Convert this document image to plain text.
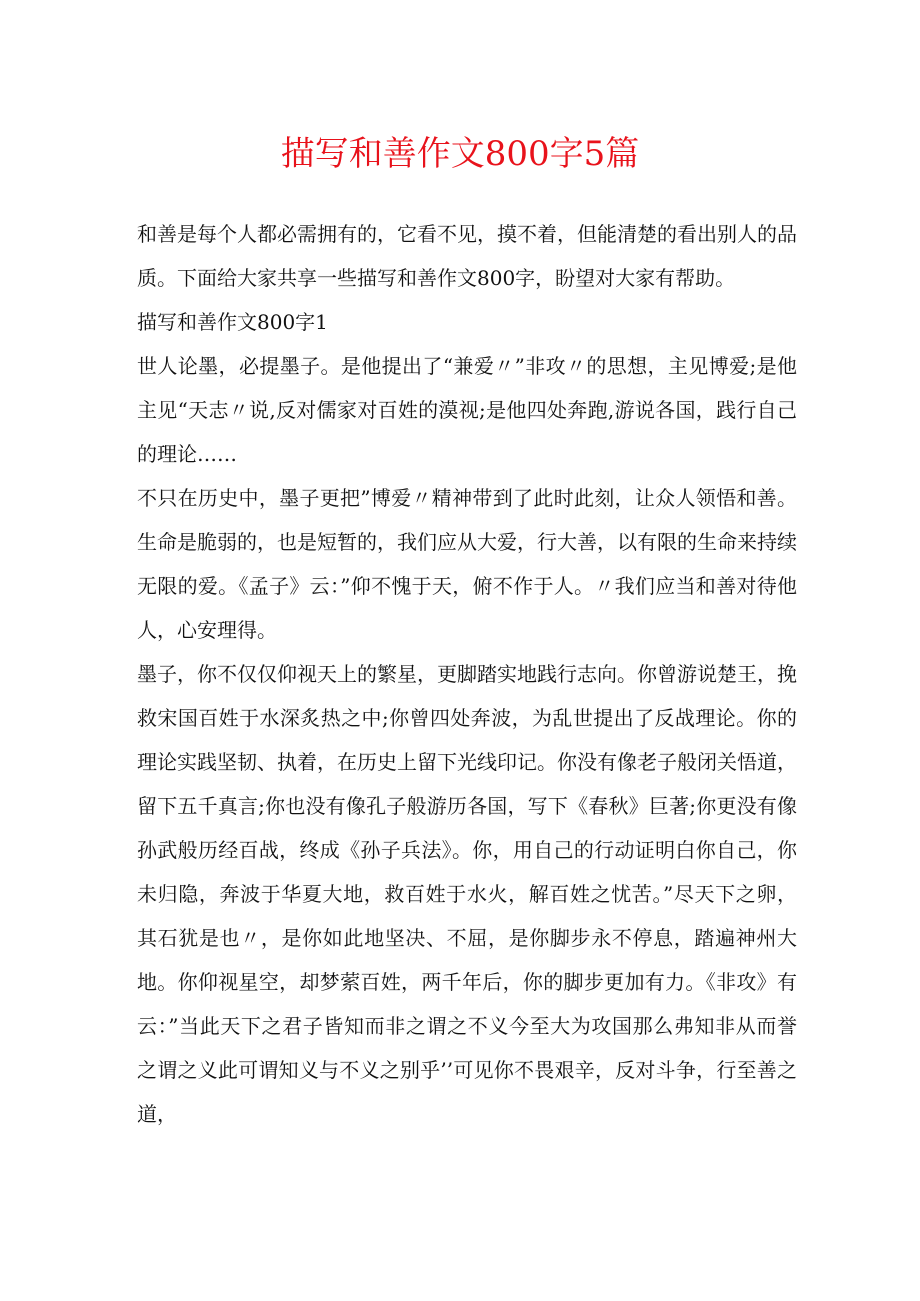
描写和善作文800字5篇

和善是每个人都必需拥有的，它看不见，摸不着，但能清楚的看出别人的品质。下面给大家共享一些描写和善作文800字，盼望对大家有帮助。

描写和善作文800字1

世人论墨，必提墨子。是他提出了“兼爱〃”非攻〃的思想，主见博爱;是他主见“天志〃说,反对儒家对百姓的漠视;是他四处奔跑,游说各国，践行自己的理论……

不只在历史中，墨子更把”博爱〃精神带到了此时此刻，让众人领悟和善。生命是脆弱的，也是短暂的，我们应从大爱，行大善，以有限的生命来持续无限的爱。《孟子》云：”仰不愧于天，俯不作于人。〃我们应当和善对待他人，心安理得。

墨子，你不仅仅仰视天上的繁星，更脚踏实地践行志向。你曾游说楚王，挽救宋国百姓于水深炙热之中;你曾四处奔波，为乱世提出了反战理论。你的理论实践坚韧、执着，在历史上留下光线印记。你没有像老子般闭关悟道，留下五千真言;你也没有像孔子般游历各国，写下《春秋》巨著;你更没有像孙武般历经百战，终成《孙子兵法》。你，用自己的行动证明白你自己，你未归隐，奔波于华夏大地，救百姓于水火，解百姓之忧苦。”尽天下之卵，其石犹是也〃，是你如此地坚决、不屈，是你脚步永不停息，踏遍神州大地。你仰视星空，却梦萦百姓，两千年后，你的脚步更加有力。《非攻》有云：”当此天下之君子皆知而非之谓之不义今至大为攻国那么弗知非从而誉之谓之义此可谓知义与不义之别乎’’可见你不畏艰辛，反对斗争，行至善之道，
